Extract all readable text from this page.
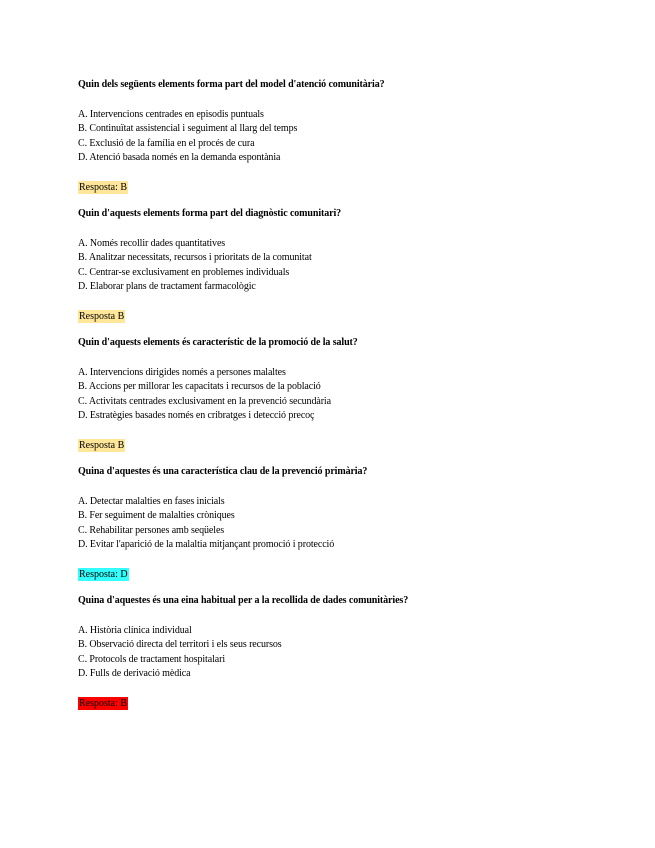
Quin dels següents elements forma part del model d'atenció comunitària?
A. Intervencions centrades en episodis puntuals
B. Continuïtat assistencial i seguiment al llarg del temps
C. Exclusió de la família en el procés de cura
D. Atenció basada només en la demanda espontània
Resposta: B
Quin d'aquests elements forma part del diagnòstic comunitari?
A. Només recollir dades quantitatives
B. Analitzar necessitats, recursos i prioritats de la comunitat
C. Centrar-se exclusivament en problemes individuals
D. Elaborar plans de tractament farmacològic
Resposta B
Quin d'aquests elements és característic de la promoció de la salut?
A. Intervencions dirigides només a persones malaltes
B. Accions per millorar les capacitats i recursos de la població
C. Activitats centrades exclusivament en la prevenció secundària
D. Estratègies basades només en cribratges i detecció precoç
Resposta B
Quina d'aquestes és una característica clau de la prevenció primària?
A. Detectar malalties en fases inicials
B. Fer seguiment de malalties cròniques
C. Rehabilitar persones amb seqüeles
D. Evitar l'aparició de la malaltia mitjançant promoció i protecció
Resposta: D
Quina d'aquestes és una eina habitual per a la recollida de dades comunitàries?
A. Història clínica individual
B. Observació directa del territori i els seus recursos
C. Protocols de tractament hospitalari
D. Fulls de derivació mèdica
Resposta: B
